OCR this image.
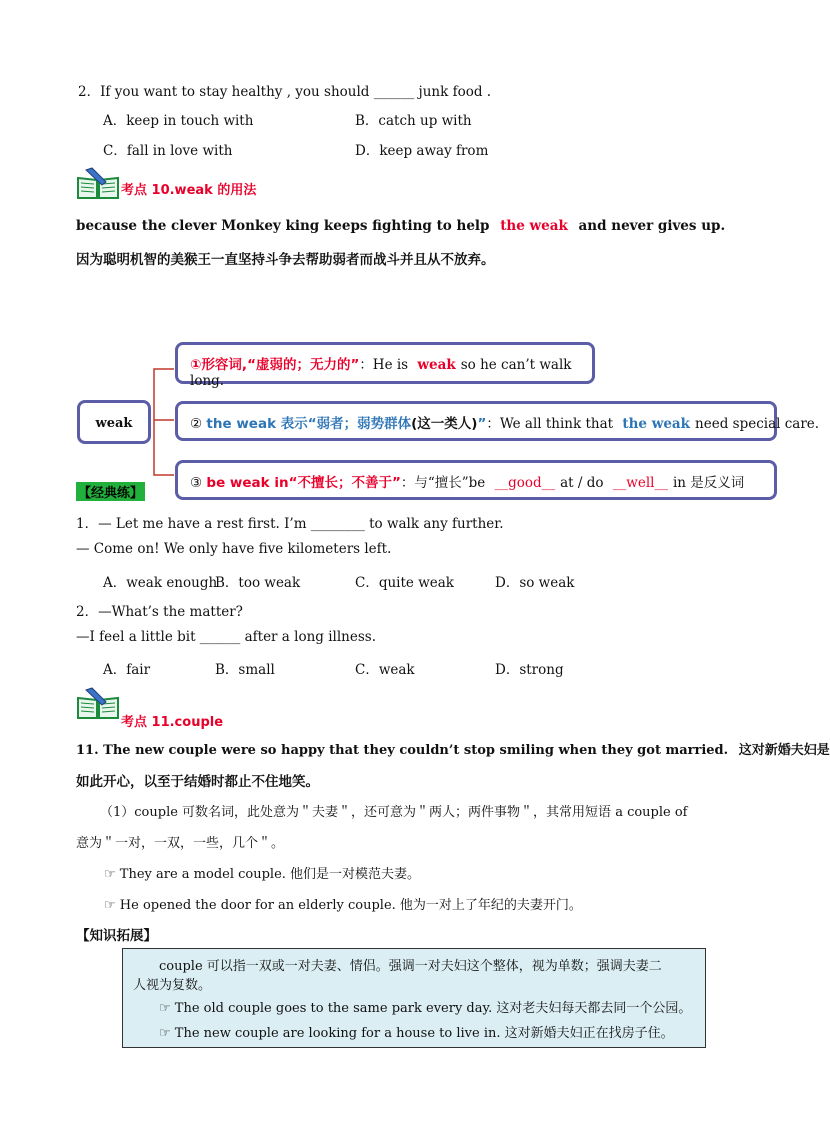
2．If you want to stay healthy , you should ______ junk food .
A．keep in touch with	B．catch up with
C．fall in love with	D．keep away from
考点 10.weak 的用法
because the clever Monkey king keeps fighting to help the weak and never gives up.
因为聪明机智的美猴王一直坚持斗争去帮助弱者而战斗并且从不放弃。
weak
①形容词,“虚弱的；无力的”：He is weak so he can’t walk
long.
② the weak 表示“弱者；弱势群体(这一类人)”：We all think that the weak need special care.
③ be weak in“不擅长；不善于”：与“擅长”be __good__ at / do __well__ in 是反义词
【经典练】
1．— Let me have a rest first. I’m ________ to walk any further.
— Come on! We only have five kilometers left.
A．weak enough
B．too weak	C．quite weak	D．so weak
2．—What’s the matter?
—I feel a little bit ______ after a long illness.
A．fair	B．small	C．weak	D．strong
考点 11.couple
11. The new couple were so happy that they couldn’t stop smiling when they got married. 这对新婚夫妇是
如此开心，以至于结婚时都止不住地笑。
（1）couple 可数名词，此处意为＂夫妻＂，还可意为＂两人；两件事物＂，其常用短语 a couple of
意为＂一对，一双，一些，几个＂。
☞ They are a model couple. 他们是一对模范夫妻。
☞ He opened the door for an elderly couple. 他为一对上了年纪的夫妻开门。
【知识拓展】
couple 可以指一双或一对夫妻、情侣。强调一对夫妇这个整体，视为单数；强调夫妻二
人视为复数。
☞ The old couple goes to the same park every day. 这对老夫妇每天都去同一个公园。
☞ The new couple are looking for a house to live in. 这对新婚夫妇正在找房子住。
